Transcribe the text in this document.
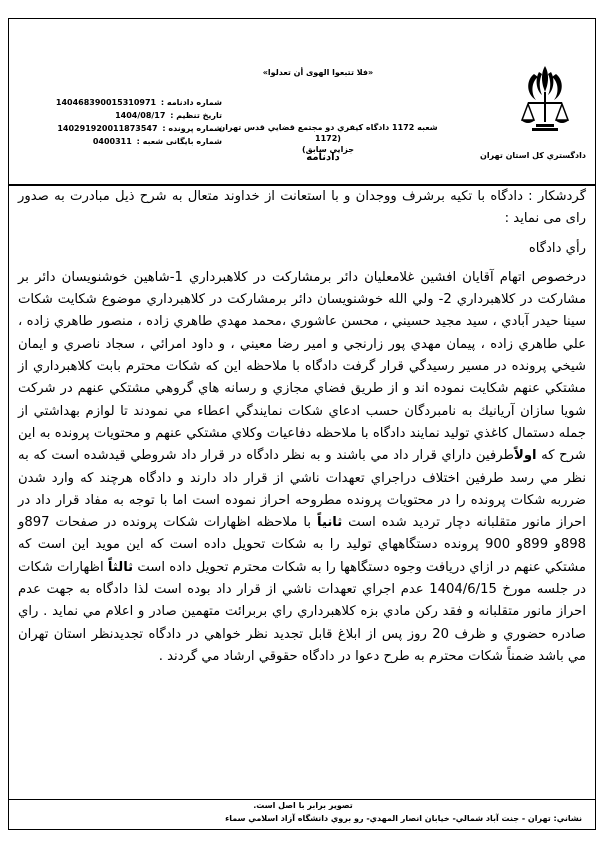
دادگستري کل استان تهران
«فلا تتبعوا الهوى أن تعدلوا»
شعبه 1172 دادگاه کیفري دو مجتمع قضايي قدس تهران (1172
جزايي سابق)
دادنامه
شماره دادنامه : 140468390015310971
تاریخ تنظیم : 1404/08/17
شماره پرونده : 140291920011873547
شماره بایگانی شعبه : 0400311

گردشکار : دادگاه با تکیه برشرف ووجدان و با استعانت از خداوند متعال به شرح ذیل مبادرت به صدور رای می نماید :

رأي دادگاه

درخصوص اتهام آقايان افشين غلامعليان دائر برمشاركت در كلاهبرداري 1-شاهين خوشنويسان دائر بر مشاركت در كلاهبرداري 2- ولي الله خوشنويسان دائر برمشاركت در كلاهبرداري موضوع شكايت شكات سينا حيدر آبادي ، سيد مجيد حسيني ، محسن عاشوري ،محمد مهدي طاهري زاده ، منصور طاهري زاده ، علي طاهري زاده ، پيمان مهدي پور زارنجي و امير رضا معيني ، و داود امرائي ، سجاد ناصري و ايمان شيخي پرونده در مسير رسيدگي قرار گرفت دادگاه با ملاحظه اين كه شكات محترم بابت كلاهبرداري از مشتكي عنهم شكايت نموده اند و از طريق فضاي مجازي و رسانه هاي گروهي مشتكي عنهم در شركت شويا سازان آريانيك به نامبردگان حسب ادعاي شكات نمايندگي اعطاء مي نمودند تا لوازم بهداشتي از جمله دستمال كاغذي توليد نمايند دادگاه با ملاحظه دفاعيات وكلاي مشتكي عنهم و محتويات پرونده به اين شرح كه اولاًطرفين داراي قرار داد مي باشند و به نظر دادگاه در قرار داد شروطي قيدشده است كه به نظر مي رسد طرفين اختلاف دراجراي تعهدات ناشي از قرار داد دارند و دادگاه هرچند كه وارد شدن ضرربه شكات پرونده را در محتويات پرونده مطروحه احراز نموده است اما با توجه به مفاد قرار داد در احراز مانور متقلبانه دچار ترديد شده است ثانياً با ملاحظه اظهارات شكات پرونده در صفحات 897و 898و 899و 900 پرونده دستگاههاي توليد را به شكات تحويل داده است كه اين مويد اين است كه مشتكي عنهم در ازاي دريافت وجوه دستگاهها را به شكات محترم تحويل داده است ثالثاً اظهارات شكات در جلسه مورخ 1404/6/15 عدم اجراي تعهدات ناشي از قرار داد بوده است لذا دادگاه به جهت عدم احراز مانور متقلبانه و فقد ركن مادي بزه كلاهبرداري راي بربرائت متهمين صادر و اعلام مي نمايد . راي صادره حضوري و ظرف 20 روز پس از ابلاغ قابل تجديد نظر خواهي در دادگاه تجديدنظر استان تهران مي باشد ضمناً شكات محترم به طرح دعوا در دادگاه حقوقي ارشاد مي گردند .

تصویر برابر با اصل است.
نشاني: تهران - جنت آباد شمالي- خيابان انصار المهدي- رو بروي دانشگاه آزاد اسلامي سماء
